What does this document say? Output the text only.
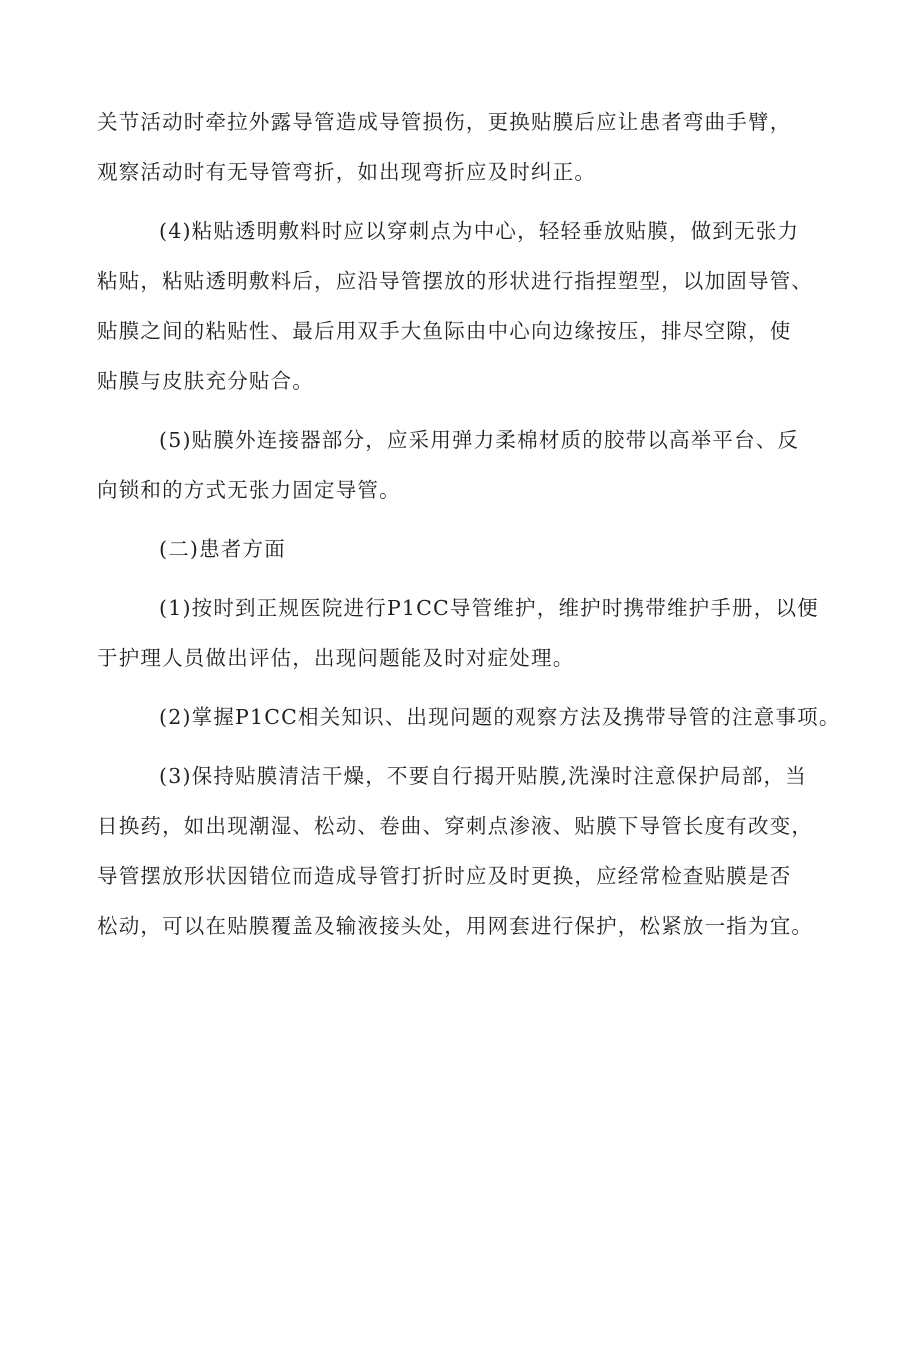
关节活动时牵拉外露导管造成导管损伤，更换贴膜后应让患者弯曲手臂，
观察活动时有无导管弯折，如出现弯折应及时纠正。
(4)粘贴透明敷料时应以穿刺点为中心，轻轻垂放贴膜，做到无张力
粘贴，粘贴透明敷料后，应沿导管摆放的形状进行指捏塑型，以加固导管、
贴膜之间的粘贴性、最后用双手大鱼际由中心向边缘按压，排尽空隙，使
贴膜与皮肤充分贴合。
(5)贴膜外连接器部分，应采用弹力柔棉材质的胶带以高举平台、反
向锁和的方式无张力固定导管。
(二)患者方面
(1)按时到正规医院进行P1CC导管维护，维护时携带维护手册，以便
于护理人员做出评估，出现问题能及时对症处理。
(2)掌握P1CC相关知识、出现问题的观察方法及携带导管的注意事项。
(3)保持贴膜清洁干燥，不要自行揭开贴膜,洗澡时注意保护局部，当
日换药，如出现潮湿、松动、卷曲、穿刺点渗液、贴膜下导管长度有改变，
导管摆放形状因错位而造成导管打折时应及时更换，应经常检查贴膜是否
松动，可以在贴膜覆盖及输液接头处，用网套进行保护，松紧放一指为宜。
